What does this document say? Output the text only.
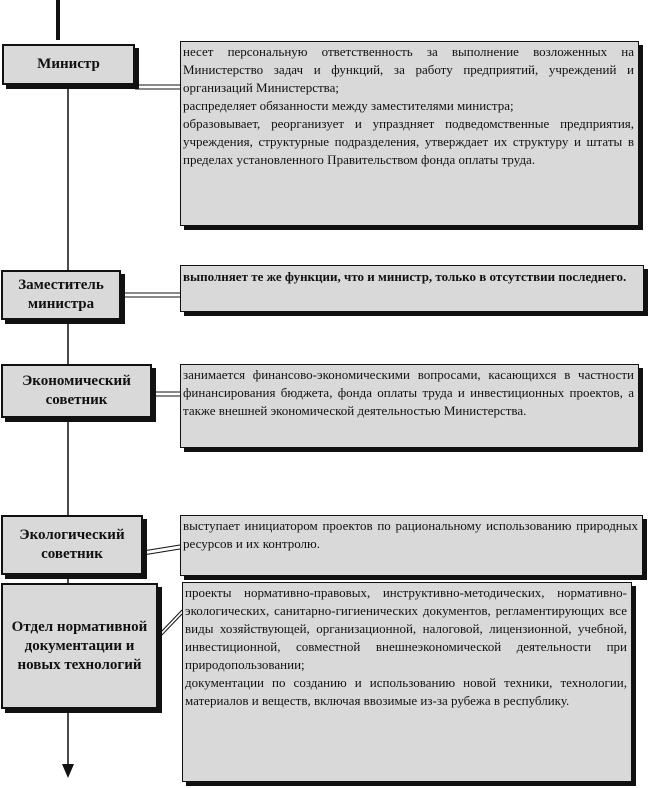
Министр
Заместитель министра
Экономический советник
Экологический советник
Отдел нормативной документации и новых технологий

несет персональную ответственность за выполнение возложенных на Министерство задач и функций, за работу предприятий, учреждений и организаций Министерства;

распределяет обязанности между заместителями министра;

образовывает, реорганизует и упраздняет подведомственные предприятия, учреждения, структурные подразделения, утверждает их структуру и штаты в пределах установленного Правительством фонда оплаты труда.

выполняет те же функции, что и министр, только в отсутствии последнего.

занимается финансово-экономическими вопросами, касающихся в частности финансирования бюджета, фонда оплаты труда и инвестиционных проектов, а также внешней экономической деятельностью Министерства.

выступает инициатором проектов по рациональному использованию природных ресурсов и их контролю.

проекты нормативно-правовых, инструктивно-методических, нормативно-экологических, санитарно-гигиенических документов, регламентирующих все виды хозяйствующей, организационной, налоговой, лицензионной, учебной, инвестиционной, совместной внешнеэкономической деятельности при природопользовании;

документации по созданию и использованию новой техники, технологии, материалов и веществ, включая ввозимые из-за рубежа в республику.
